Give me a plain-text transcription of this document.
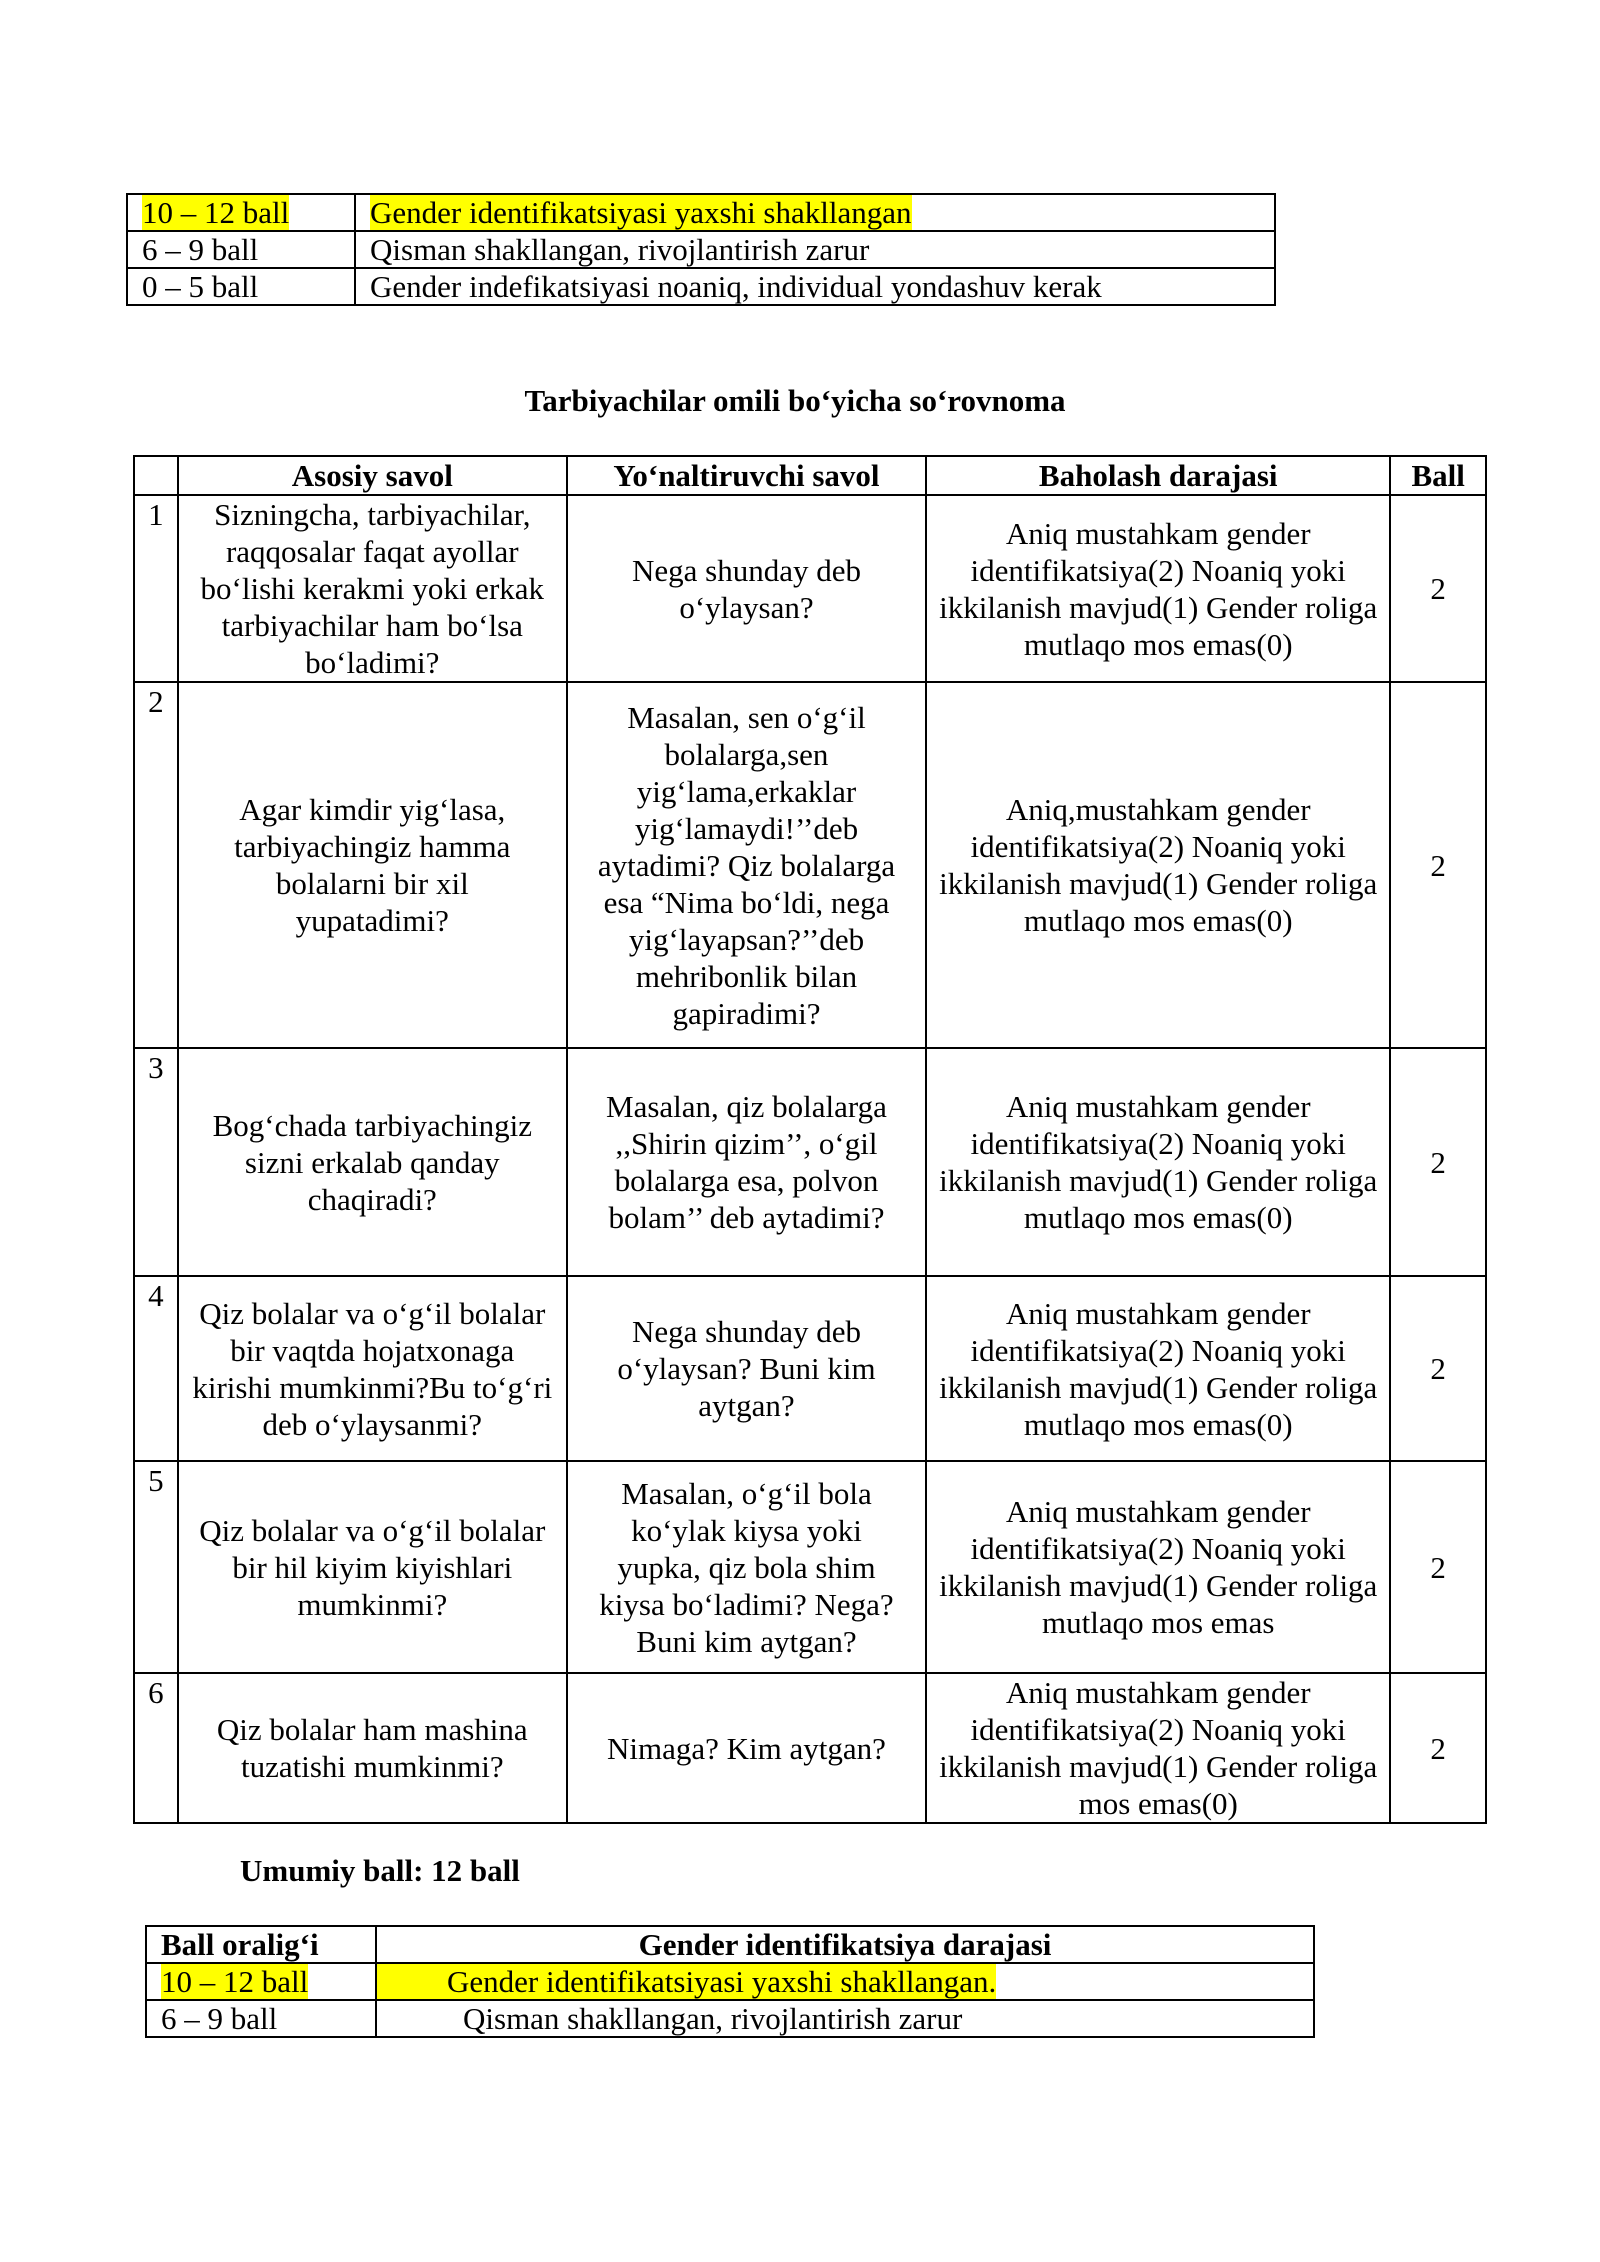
10 – 12 ball	Gender identifikatsiyasi yaxshi shakllangan
6 – 9 ball	Qisman shakllangan, rivojlantirish zarur
0 – 5 ball	Gender indefikatsiyasi noaniq, individual yondashuv kerak
Tarbiyachilar omili bo‘yicha so‘rovnoma
	Asosiy savol	Yo‘naltiruvchi savol	Baholash darajasi	Ball
1	Sizningcha, tarbiyachilar, raqqosalar faqat ayollar bo‘lishi kerakmi yoki erkak tarbiyachilar ham bo‘lsa bo‘ladimi?	Nega shunday deb o‘ylaysan?	Aniq mustahkam gender identifikatsiya(2) Noaniq yoki ikkilanish mavjud(1) Gender roliga mutlaqo mos emas(0)	2
2	Agar kimdir yig‘lasa, tarbiyachingiz hamma bolalarni bir xil yupatadimi?	Masalan, sen o‘g‘il bolalarga,sen yig‘lama,erkaklar yig‘lamaydi!’’deb aytadimi? Qiz bolalarga esa “Nima bo‘ldi, nega yig‘layapsan?’’deb mehribonlik bilan gapiradimi?	Aniq,mustahkam gender identifikatsiya(2) Noaniq yoki ikkilanish mavjud(1) Gender roliga mutlaqo mos emas(0)	2
3	Bog‘chada tarbiyachingiz sizni erkalab qanday chaqiradi?	Masalan, qiz bolalarga ,,Shirin qizim’’, o‘gil bolalarga esa, polvon bolam’’ deb aytadimi?	Aniq mustahkam gender identifikatsiya(2) Noaniq yoki ikkilanish mavjud(1) Gender roliga mutlaqo mos emas(0)	2
4	Qiz bolalar va o‘g‘il bolalar bir vaqtda hojatxonaga kirishi mumkinmi?Bu to‘g‘ri deb o‘ylaysanmi?	Nega shunday deb o‘ylaysan? Buni kim aytgan?	Aniq mustahkam gender identifikatsiya(2) Noaniq yoki ikkilanish mavjud(1) Gender roliga mutlaqo mos emas(0)	2
5	Qiz bolalar va o‘g‘il bolalar bir hil kiyim kiyishlari mumkinmi?	Masalan, o‘g‘il bola ko‘ylak kiysa yoki yupka, qiz bola shim kiysa bo‘ladimi? Nega? Buni kim aytgan?	Aniq mustahkam gender identifikatsiya(2) Noaniq yoki ikkilanish mavjud(1) Gender roliga mutlaqo mos emas	2
6	Qiz bolalar ham mashina tuzatishi mumkinmi?	Nimaga? Kim aytgan?	Aniq mustahkam gender identifikatsiya(2) Noaniq yoki ikkilanish mavjud(1) Gender roliga mos emas(0)	2
Umumiy ball: 12 ball
Ball oralig‘i	Gender identifikatsiya darajasi
10 – 12 ball	Gender identifikatsiyasi yaxshi shakllangan.
6 – 9 ball	Qisman shakllangan, rivojlantirish zarur
